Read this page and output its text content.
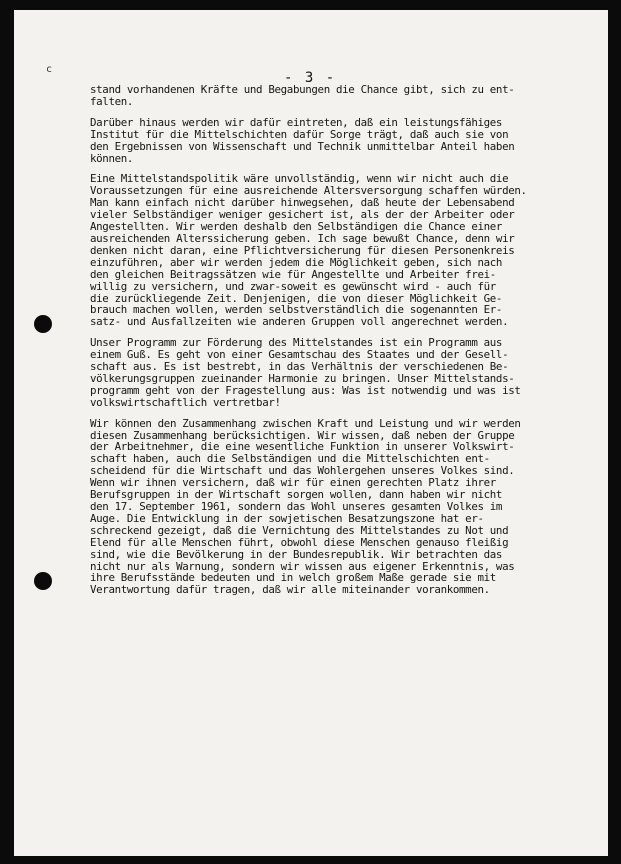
c
- 3 -
stand vorhandenen Kräfte und Begabungen die Chance gibt, sich zu ent-
falten.
Darüber hinaus werden wir dafür eintreten, daß ein leistungsfähiges
Institut für die Mittelschichten dafür Sorge trägt, daß auch sie von
den Ergebnissen von Wissenschaft und Technik unmittelbar Anteil haben
können.
Eine Mittelstandspolitik wäre unvollständig, wenn wir nicht auch die
Voraussetzungen für eine ausreichende Altersversorgung schaffen würden.
Man kann einfach nicht darüber hinwegsehen, daß heute der Lebensabend
vieler Selbständiger weniger gesichert ist, als der der Arbeiter oder
Angestellten. Wir werden deshalb den Selbständigen die Chance einer
ausreichenden Alterssicherung geben. Ich sage bewußt Chance, denn wir
denken nicht daran, eine Pflichtversicherung für diesen Personenkreis
einzuführen, aber wir werden jedem die Möglichkeit geben, sich nach
den gleichen Beitragssätzen wie für Angestellte und Arbeiter frei-
willig zu versichern, und zwar-soweit es gewünscht wird - auch für
die zurückliegende Zeit. Denjenigen, die von dieser Möglichkeit Ge-
brauch machen wollen, werden selbstverständlich die sogenannten Er-
satz- und Ausfallzeiten wie anderen Gruppen voll angerechnet werden.
Unser Programm zur Förderung des Mittelstandes ist ein Programm aus
einem Guß. Es geht von einer Gesamtschau des Staates und der Gesell-
schaft aus. Es ist bestrebt, in das Verhältnis der verschiedenen Be-
völkerungsgruppen zueinander Harmonie zu bringen. Unser Mittelstands-
programm geht von der Fragestellung aus: Was ist notwendig und was ist
volkswirtschaftlich vertretbar!
Wir können den Zusammenhang zwischen Kraft und Leistung und wir werden
diesen Zusammenhang berücksichtigen. Wir wissen, daß neben der Gruppe
der Arbeitnehmer, die eine wesentliche Funktion in unserer Volkswirt-
schaft haben, auch die Selbständigen und die Mittelschichten ent-
scheidend für die Wirtschaft und das Wohlergehen unseres Volkes sind.
Wenn wir ihnen versichern, daß wir für einen gerechten Platz ihrer
Berufsgruppen in der Wirtschaft sorgen wollen, dann haben wir nicht
den 17. September 1961, sondern das Wohl unseres gesamten Volkes im
Auge. Die Entwicklung in der sowjetischen Besatzungszone hat er-
schreckend gezeigt, daß die Vernichtung des Mittelstandes zu Not und
Elend für alle Menschen führt, obwohl diese Menschen genauso fleißig
sind, wie die Bevölkerung in der Bundesrepublik. Wir betrachten das
nicht nur als Warnung, sondern wir wissen aus eigener Erkenntnis, was
ihre Berufsstände bedeuten und in welch großem Maße gerade sie mit
Verantwortung dafür tragen, daß wir alle miteinander vorankommen.
